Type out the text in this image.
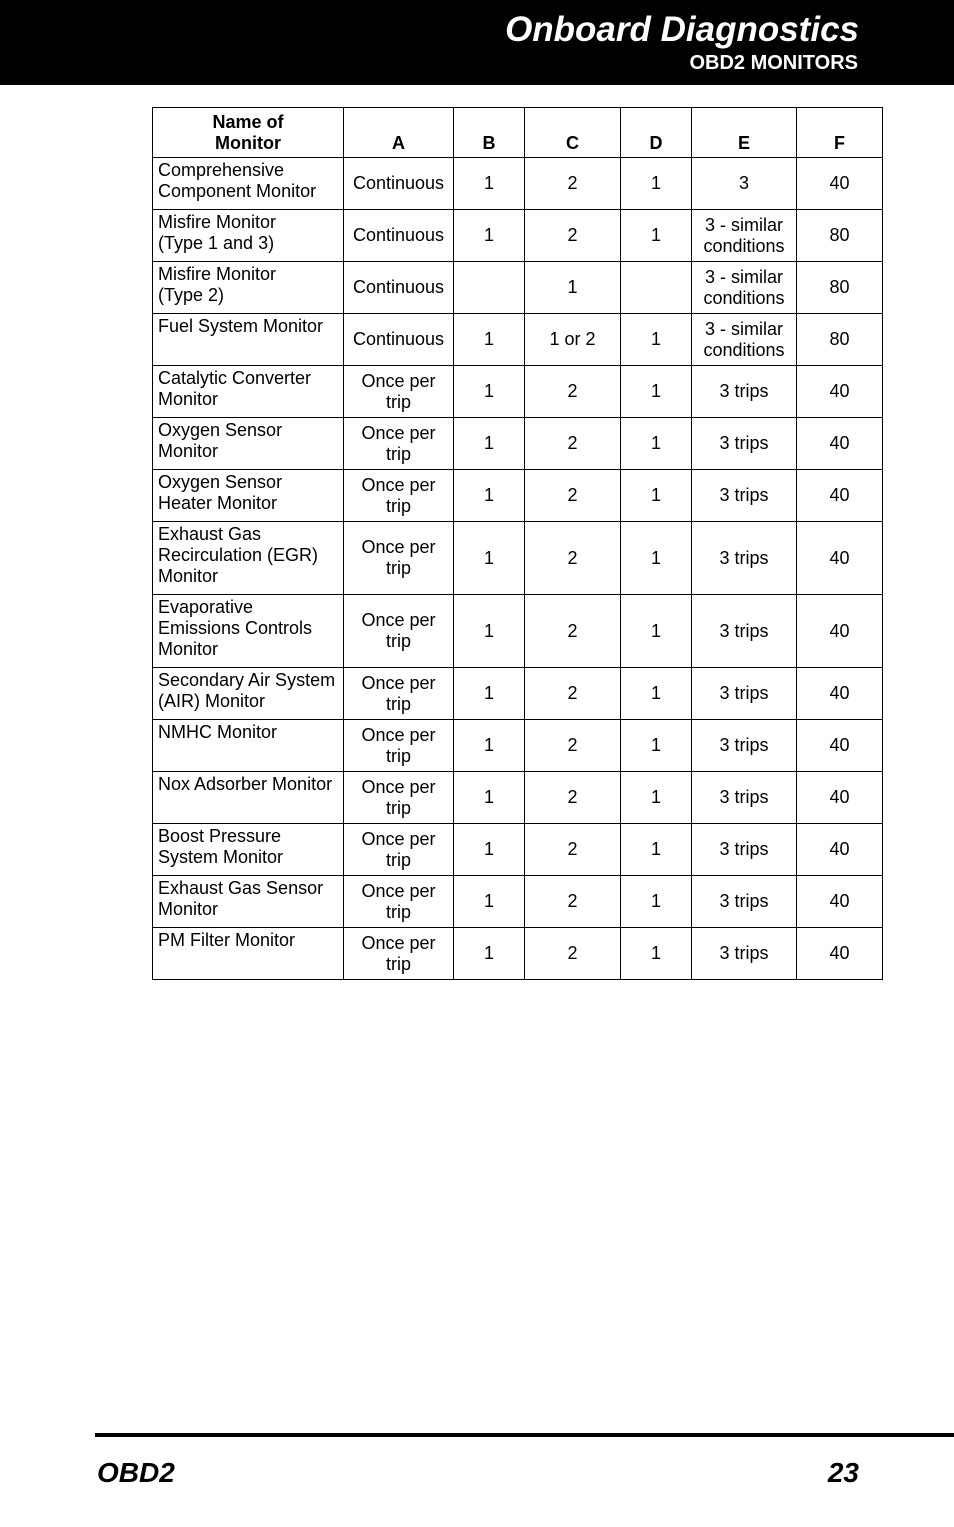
Onboard Diagnostics
OBD2 MONITORS
Name of Monitor	A	B	C	D	E	F
Comprehensive Component Monitor	Continuous	1	2	1	3	40
Misfire Monitor (Type 1 and 3)	Continuous	1	2	1	3 - similar conditions	80
Misfire Monitor (Type 2)	Continuous		1		3 - similar conditions	80
Fuel System Monitor	Continuous	1	1 or 2	1	3 - similar conditions	80
Catalytic Converter Monitor	Once per trip	1	2	1	3 trips	40
Oxygen Sensor Monitor	Once per trip	1	2	1	3 trips	40
Oxygen Sensor Heater Monitor	Once per trip	1	2	1	3 trips	40
Exhaust Gas Recirculation (EGR) Monitor	Once per trip	1	2	1	3 trips	40
Evaporative Emissions Controls Monitor	Once per trip	1	2	1	3 trips	40
Secondary Air System (AIR) Monitor	Once per trip	1	2	1	3 trips	40
NMHC Monitor	Once per trip	1	2	1	3 trips	40
Nox Adsorber Monitor	Once per trip	1	2	1	3 trips	40
Boost Pressure System Monitor	Once per trip	1	2	1	3 trips	40
Exhaust Gas Sensor Monitor	Once per trip	1	2	1	3 trips	40
PM Filter Monitor	Once per trip	1	2	1	3 trips	40
OBD2	23
